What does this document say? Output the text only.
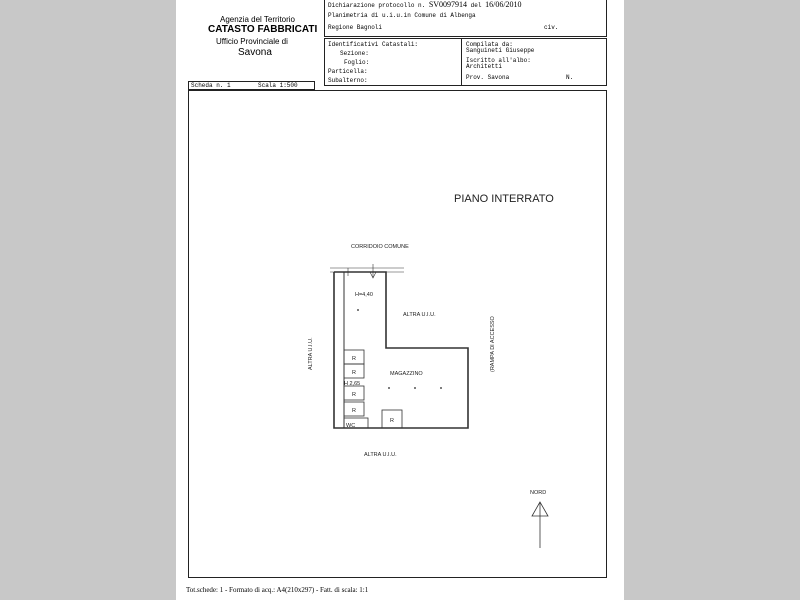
Agenzia del Territorio
CATASTO FABBRICATI
Ufficio Provinciale di
Savona
Dichiarazione protocollo n. SV0097914 del 16/06/2010
Planimetria di u.i.u.in Comune di Albenga
Regione Bagnoli	civ.
Identificativi Catastali:
Sezione:
Foglio:
Particella:
Subalterno:
Compilata da:
Sanguineti Giuseppe
Iscritto all'albo:
Architetti
Prov. Savona	N.
Scheda n. 1	Scala 1:500
PIANO INTERRATO
CORRIDOIO COMUNE
H=4,40
ALTRA U.I.U.
ALTRA U.I.U.	(RAMPA DI ACCESSO
MAGAZZINO
H 2,65
WC
R
R
R
R
R
ALTRA U.I.U.
NORD
Tot.schede: 1 - Formato di acq.: A4(210x297) - Fatt. di scala: 1:1
